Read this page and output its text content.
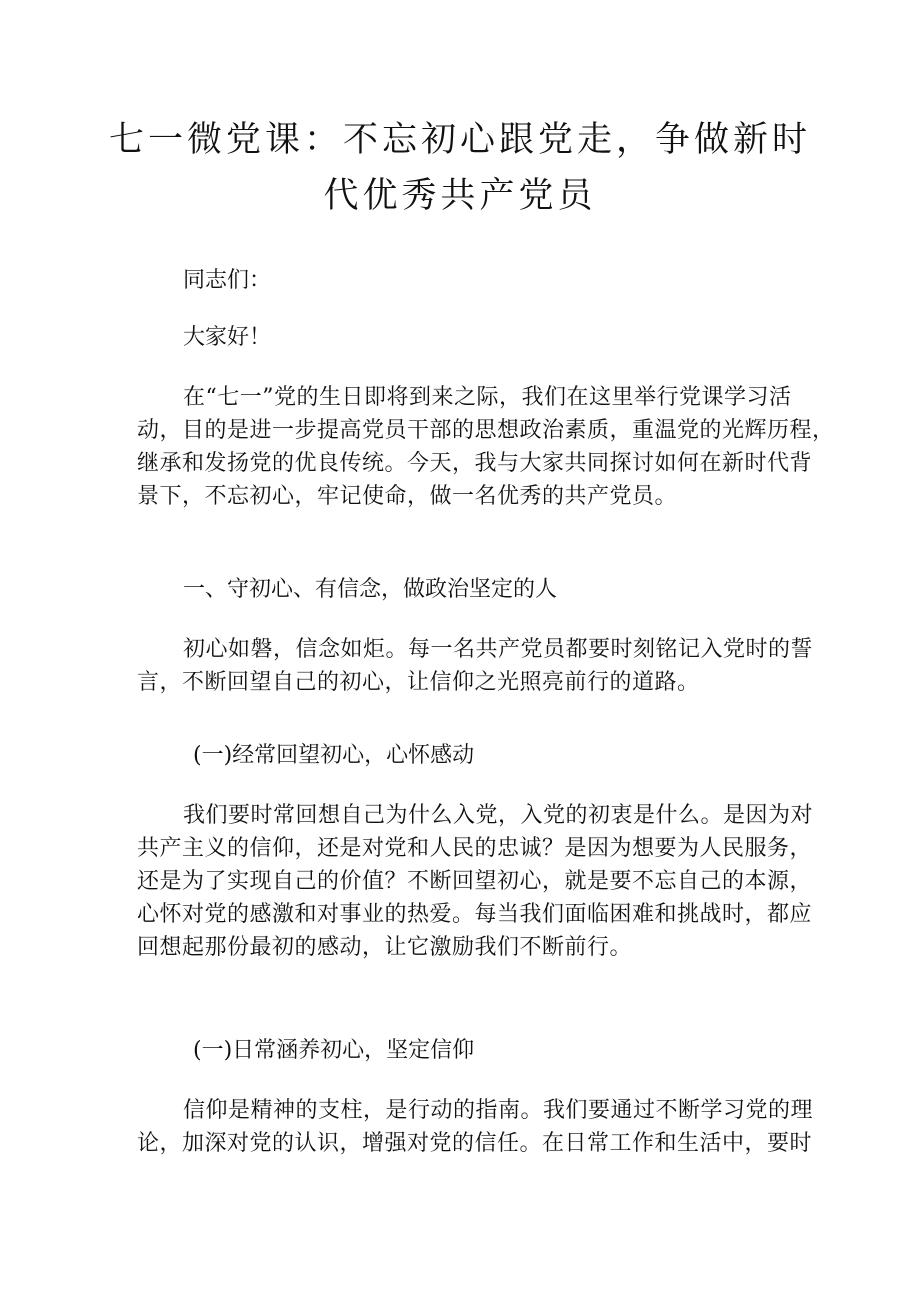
七一微党课：不忘初心跟党走，争做新时
代优秀共产党员

同志们：

大家好！

在“七一”党的生日即将到来之际，我们在这里举行党课学习活
动，目的是进一步提高党员干部的思想政治素质，重温党的光辉历程，
继承和发扬党的优良传统。今天，我与大家共同探讨如何在新时代背
景下，不忘初心，牢记使命，做一名优秀的共产党员。

一、守初心、有信念，做政治坚定的人

初心如磐，信念如炬。每一名共产党员都要时刻铭记入党时的誓
言，不断回望自己的初心，让信仰之光照亮前行的道路。

(一)经常回望初心，心怀感动

我们要时常回想自己为什么入党，入党的初衷是什么。是因为对
共产主义的信仰，还是对党和人民的忠诚？是因为想要为人民服务，
还是为了实现自己的价值？不断回望初心，就是要不忘自己的本源，
心怀对党的感激和对事业的热爱。每当我们面临困难和挑战时，都应
回想起那份最初的感动，让它激励我们不断前行。

(一)日常涵养初心，坚定信仰

信仰是精神的支柱，是行动的指南。我们要通过不断学习党的理
论，加深对党的认识，增强对党的信任。在日常工作和生活中，要时
